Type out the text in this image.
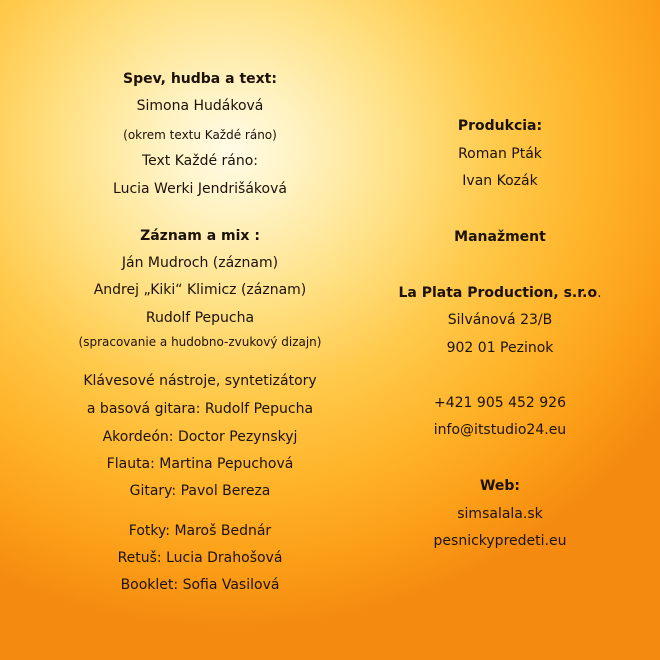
Spev, hudba a text:
Simona Hudáková
(okrem textu Každé ráno)
Text Každé ráno:
Lucia Werki Jendrišáková
Záznam a mix :
Ján Mudroch (záznam)
Andrej „Kiki“ Klimicz (záznam)
Rudolf Pepucha
(spracovanie a hudobno-zvukový dizajn)
Klávesové nástroje, syntetizátory
a basová gitara: Rudolf Pepucha
Akordeón: Doctor Pezynskyj
Flauta: Martina Pepuchová
Gitary: Pavol Bereza
Fotky: Maroš Bednár
Retuš: Lucia Drahošová
Booklet: Sofia Vasilová
Produkcia:
Roman Pták
Ivan Kozák
Manažment
La Plata Production, s.r.o.
Silvánová 23/B
902 01 Pezinok
+421 905 452 926
info@itstudio24.eu
Web:
simsalala.sk
pesnickypredeti.eu
